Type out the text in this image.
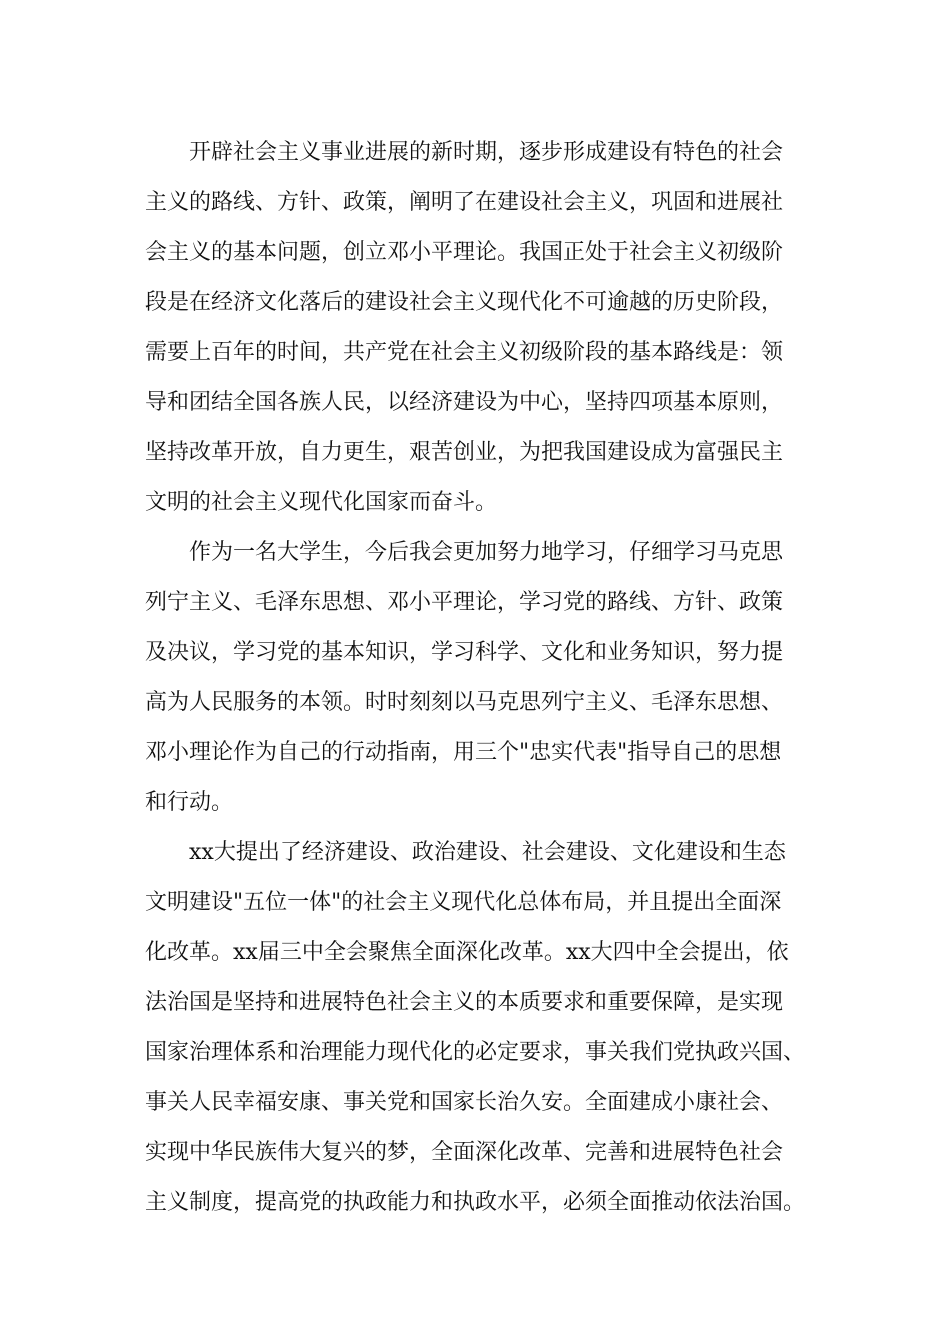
开辟社会主义事业进展的新时期，逐步形成建设有特色的社会
主义的路线、方针、政策，阐明了在建设社会主义，巩固和进展社
会主义的基本问题，创立邓小平理论。我国正处于社会主义初级阶
段是在经济文化落后的建设社会主义现代化不可逾越的历史阶段，
需要上百年的时间，共产党在社会主义初级阶段的基本路线是：领
导和团结全国各族人民，以经济建设为中心，坚持四项基本原则，
坚持改革开放，自力更生，艰苦创业，为把我国建设成为富强民主
文明的社会主义现代化国家而奋斗。
作为一名大学生，今后我会更加努力地学习，仔细学习马克思
列宁主义、毛泽东思想、邓小平理论，学习党的路线、方针、政策
及决议，学习党的基本知识，学习科学、文化和业务知识，努力提
高为人民服务的本领。时时刻刻以马克思列宁主义、毛泽东思想、
邓小理论作为自己的行动指南，用三个"忠实代表"指导自己的思想
和行动。
xx大提出了经济建设、政治建设、社会建设、文化建设和生态
文明建设"五位一体"的社会主义现代化总体布局，并且提出全面深
化改革。xx届三中全会聚焦全面深化改革。xx大四中全会提出，依
法治国是坚持和进展特色社会主义的本质要求和重要保障，是实现
国家治理体系和治理能力现代化的必定要求，事关我们党执政兴国、
事关人民幸福安康、事关党和国家长治久安。全面建成小康社会、
实现中华民族伟大复兴的梦，全面深化改革、完善和进展特色社会
主义制度，提高党的执政能力和执政水平，必须全面推动依法治国。
